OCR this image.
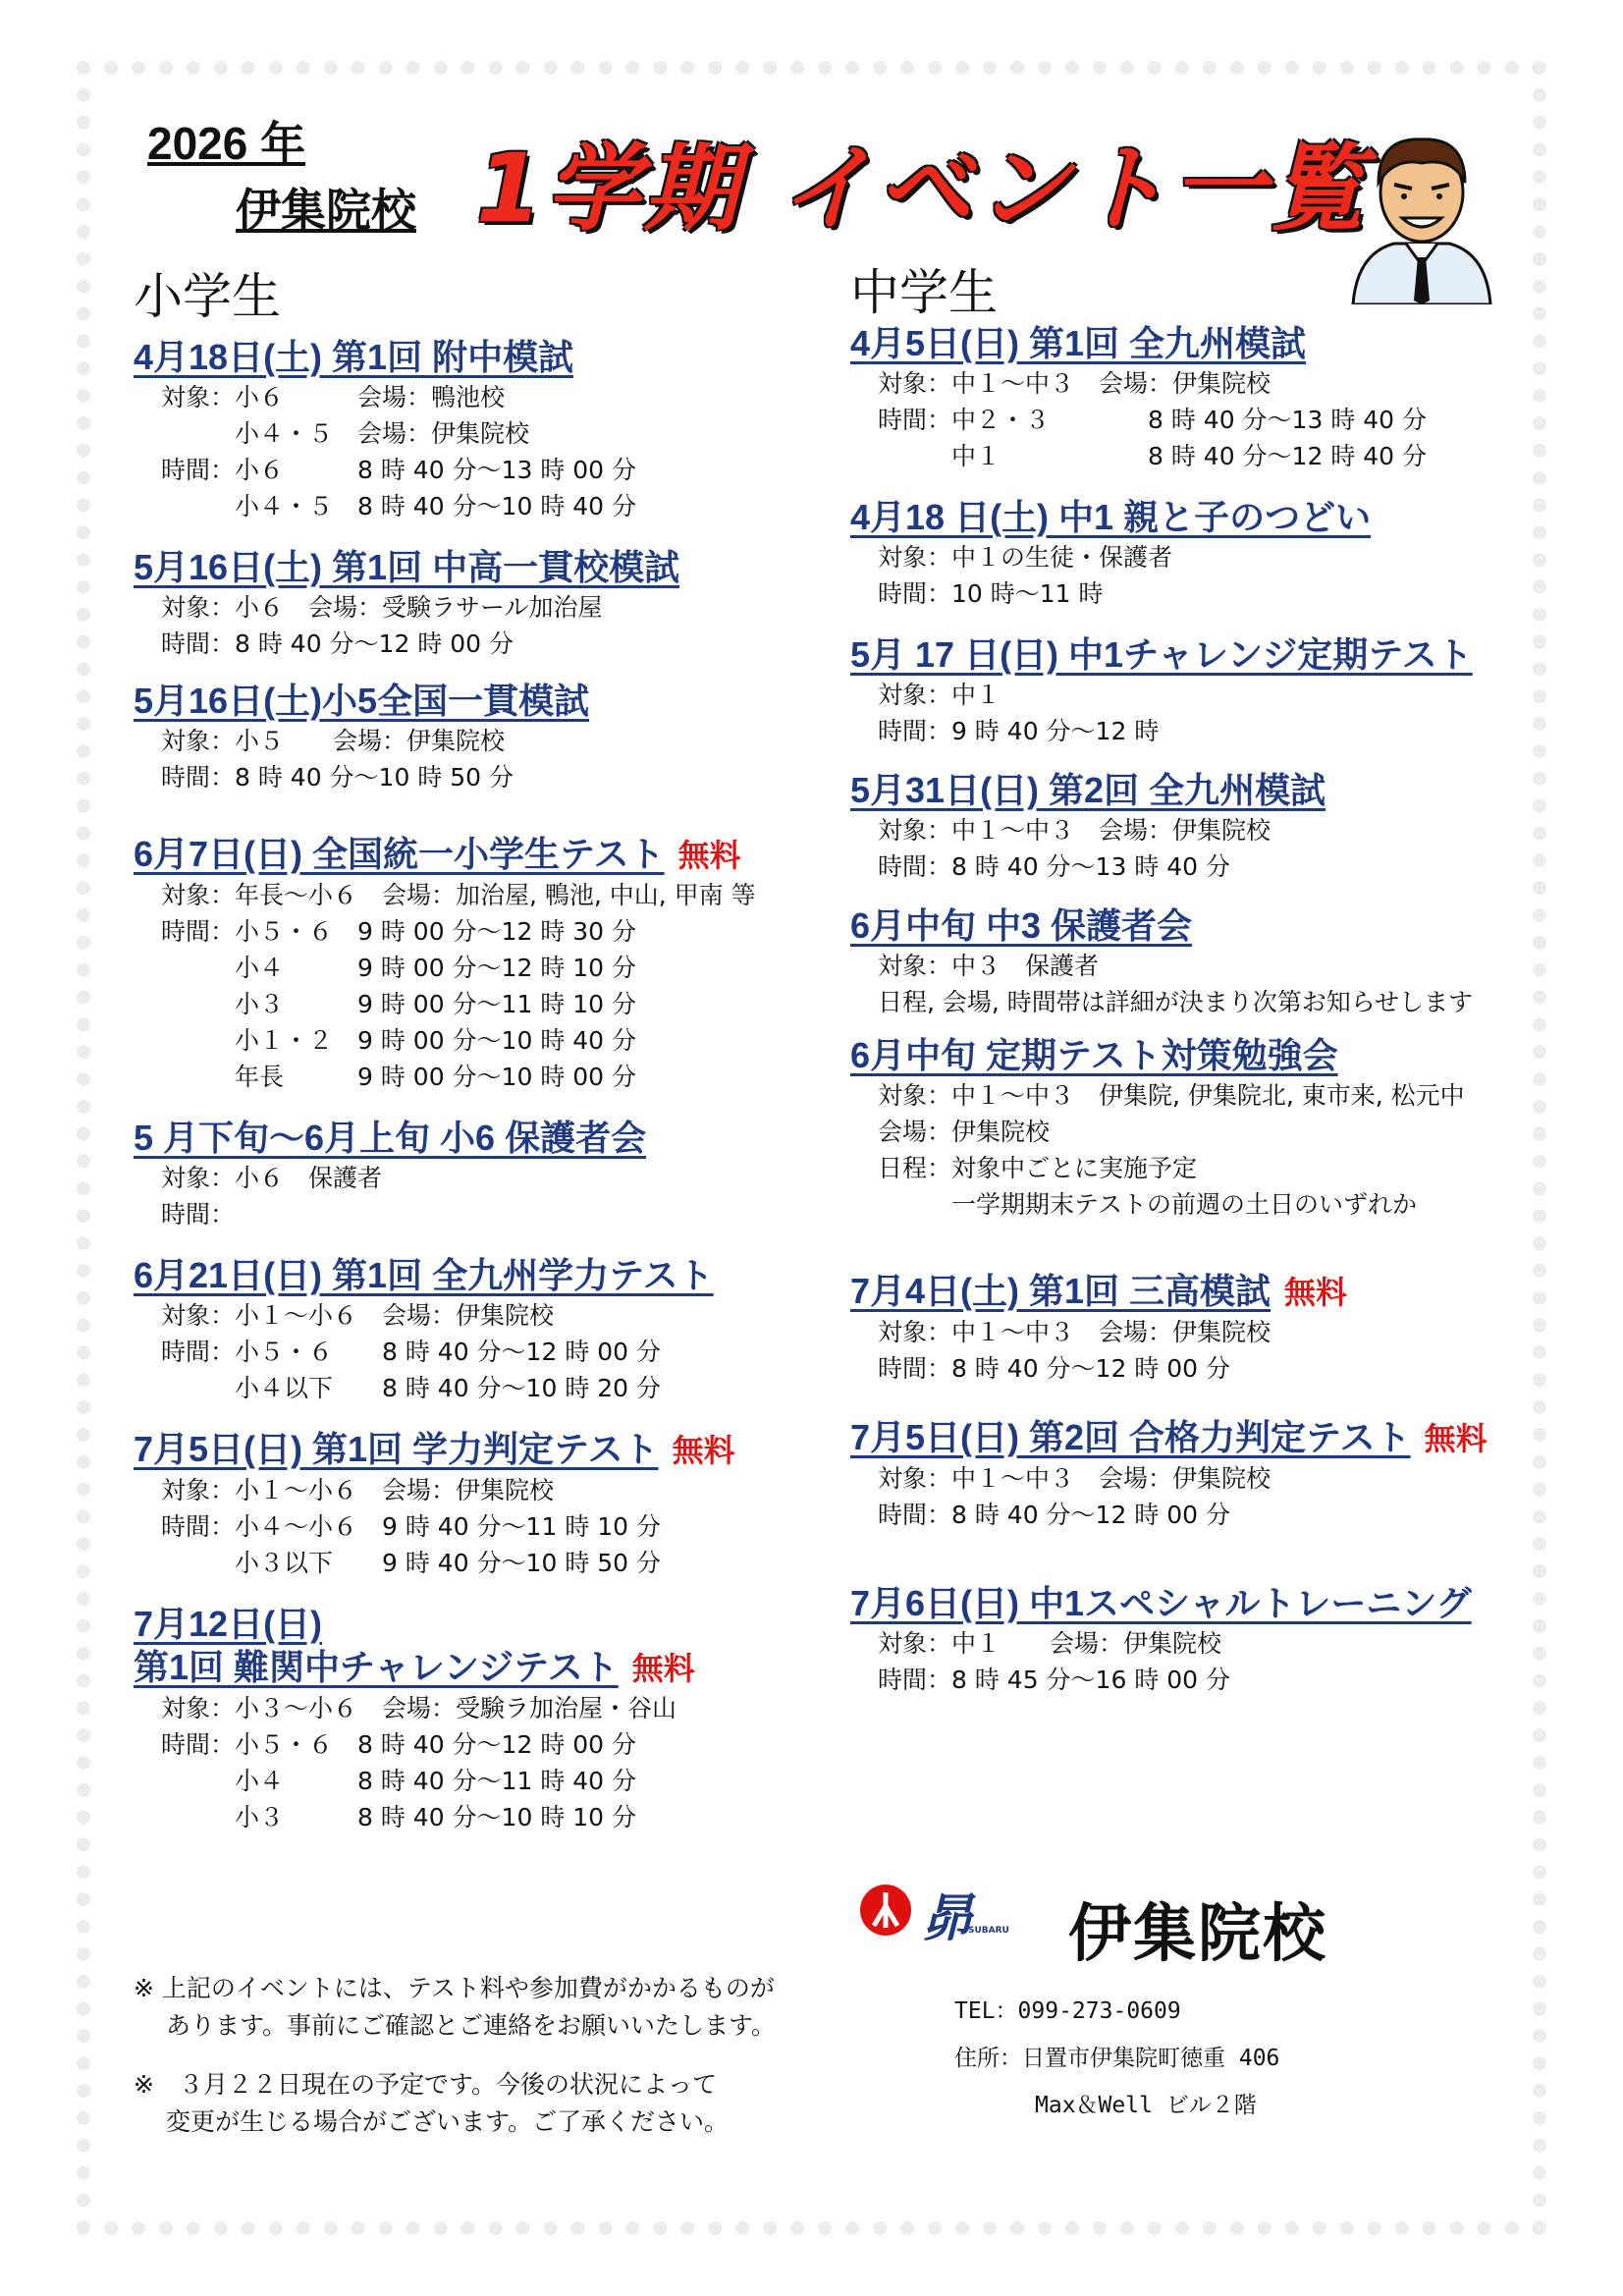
2026 年
伊集院校 1学期 イベント一覧
小学生	中学生
4月18日(土) 第1回 附中模試
対象：小６　　　会場：鴨池校
　　　小４・５　会場：伊集院校
時間：小６　　　8 時 40 分～13 時 00 分
　　　小４・５　8 時 40 分～10 時 40 分
5月16日(土) 第1回 中高一貫校模試
対象：小６　会場：受験ラサール加治屋
時間：8 時 40 分～12 時 00 分
5月16日(土)小5全国一貫模試
対象：小５　　会場：伊集院校
時間：8 時 40 分～10 時 50 分
6月7日(日) 全国統一小学生テスト 無料
対象：年長～小６　会場：加治屋, 鴨池, 中山, 甲南 等
時間：小５・６　9 時 00 分～12 時 30 分
　　　小４　　　9 時 00 分～12 時 10 分
　　　小３　　　9 時 00 分～11 時 10 分
　　　小１・２　9 時 00 分～10 時 40 分
　　　年長　　　9 時 00 分～10 時 00 分
5 月下旬～6月上旬 小6 保護者会
対象：小６　保護者
時間：
6月21日(日) 第1回 全九州学力テスト
対象：小１～小６　会場：伊集院校
時間：小５・６　　8 時 40 分～12 時 00 分
　　　小４以下　　8 時 40 分～10 時 20 分
7月5日(日) 第1回 学力判定テスト 無料
対象：小１～小６　会場：伊集院校
時間：小４～小６　9 時 40 分～11 時 10 分
　　　小３以下　　9 時 40 分～10 時 50 分
7月12日(日)
第1回 難関中チャレンジテスト 無料
対象：小３～小６　会場：受験ラ加治屋・谷山
時間：小５・６　8 時 40 分～12 時 00 分
　　　小４　　　8 時 40 分～11 時 40 分
　　　小３　　　8 時 40 分～10 時 10 分
4月5日(日) 第1回 全九州模試
対象：中１～中３　会場：伊集院校
時間：中２・３　　　　8 時 40 分～13 時 40 分
　　　中１　　　　　　8 時 40 分～12 時 40 分
4月18 日(土) 中1 親と子のつどい
対象：中１の生徒・保護者
時間：10 時～11 時
5月 17 日(日) 中1チャレンジ定期テスト
対象：中１
時間：9 時 40 分～12 時
5月31日(日) 第2回 全九州模試
対象：中１～中３　会場：伊集院校
時間：8 時 40 分～13 時 40 分
6月中旬 中3 保護者会
対象：中３　保護者
日程, 会場, 時間帯は詳細が決まり次第お知らせします
6月中旬 定期テスト対策勉強会
対象：中１～中３　伊集院, 伊集院北, 東市来, 松元中
会場：伊集院校
日程：対象中ごとに実施予定
　　　一学期期末テストの前週の土日のいずれか
7月4日(土) 第1回 三高模試 無料
対象：中１～中３　会場：伊集院校
時間：8 時 40 分～12 時 00 分
7月5日(日) 第2回 合格力判定テスト 無料
対象：中１～中３　会場：伊集院校
時間：8 時 40 分～12 時 00 分
7月6日(日) 中1スペシャルトレーニング
対象：中１　　会場：伊集院校
時間：8 時 45 分～16 時 00 分

※ 上記のイベントには、テスト料や参加費がかかるものが
　 あります。事前にご確認とご連絡をお願いいたします。

※　３月２２日現在の予定です。今後の状況によって
　 変更が生じる場合がございます。ご了承ください。

昴
SUBARU 伊集院校
TEL：099-273-0609
住所：日置市伊集院町徳重 406
Max＆Well ビル２階
